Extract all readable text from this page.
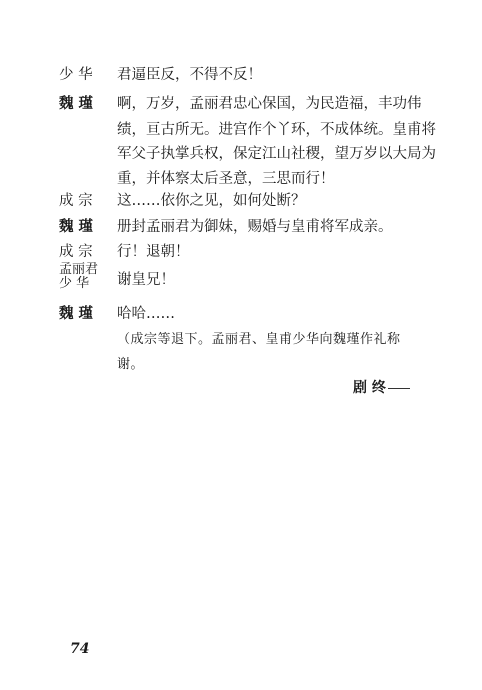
少 华 君逼臣反，不得不反！
魏 瑾 啊，万岁，孟丽君忠心保国，为民造福，丰功伟
绩，亘古所无。进宫作个丫环，不成体统。皇甫将
军父子执掌兵权，保定江山社稷，望万岁以大局为
重，并体察太后圣意，三思而行！
成 宗 这……依你之见，如何处断？
魏 瑾 册封孟丽君为御妹，赐婚与皇甫将军成亲。
成 宗 行！退朝！
孟丽君
少 华 谢皇兄！
魏 瑾 哈哈……
（成宗等退下。孟丽君、皇甫少华向魏瑾作礼称
谢。
剧 终
74
